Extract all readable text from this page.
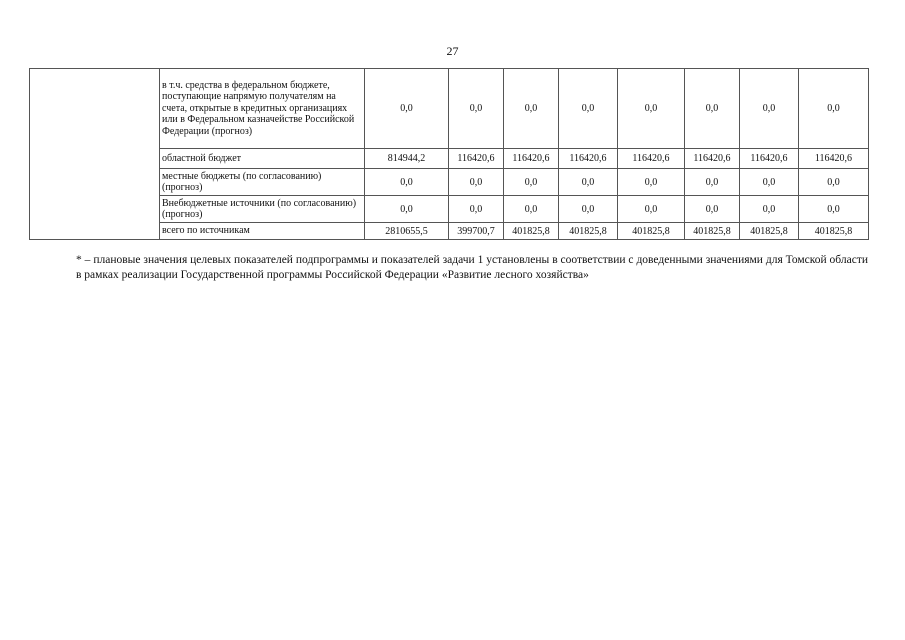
27
	в т.ч. средства в федеральном бюджете, поступающие напрямую получателям на счета, открытые в кредитных организациях или в Федеральном казначействе Российской Федерации (прогноз)	0,0	0,0	0,0	0,0	0,0	0,0	0,0	0,0
	областной бюджет	814944,2	116420,6	116420,6	116420,6	116420,6	116420,6	116420,6	116420,6
	местные бюджеты (по согласованию) (прогноз)	0,0	0,0	0,0	0,0	0,0	0,0	0,0	0,0
	Внебюджетные источники (по согласованию) (прогноз)	0,0	0,0	0,0	0,0	0,0	0,0	0,0	0,0
	всего по источникам	2810655,5	399700,7	401825,8	401825,8	401825,8	401825,8	401825,8	401825,8
* – плановые значения целевых показателей подпрограммы и показателей задачи 1 установлены в соответствии с доведенными значениями для Томской области в рамках реализации Государственной программы Российской Федерации «Развитие лесного хозяйства»
